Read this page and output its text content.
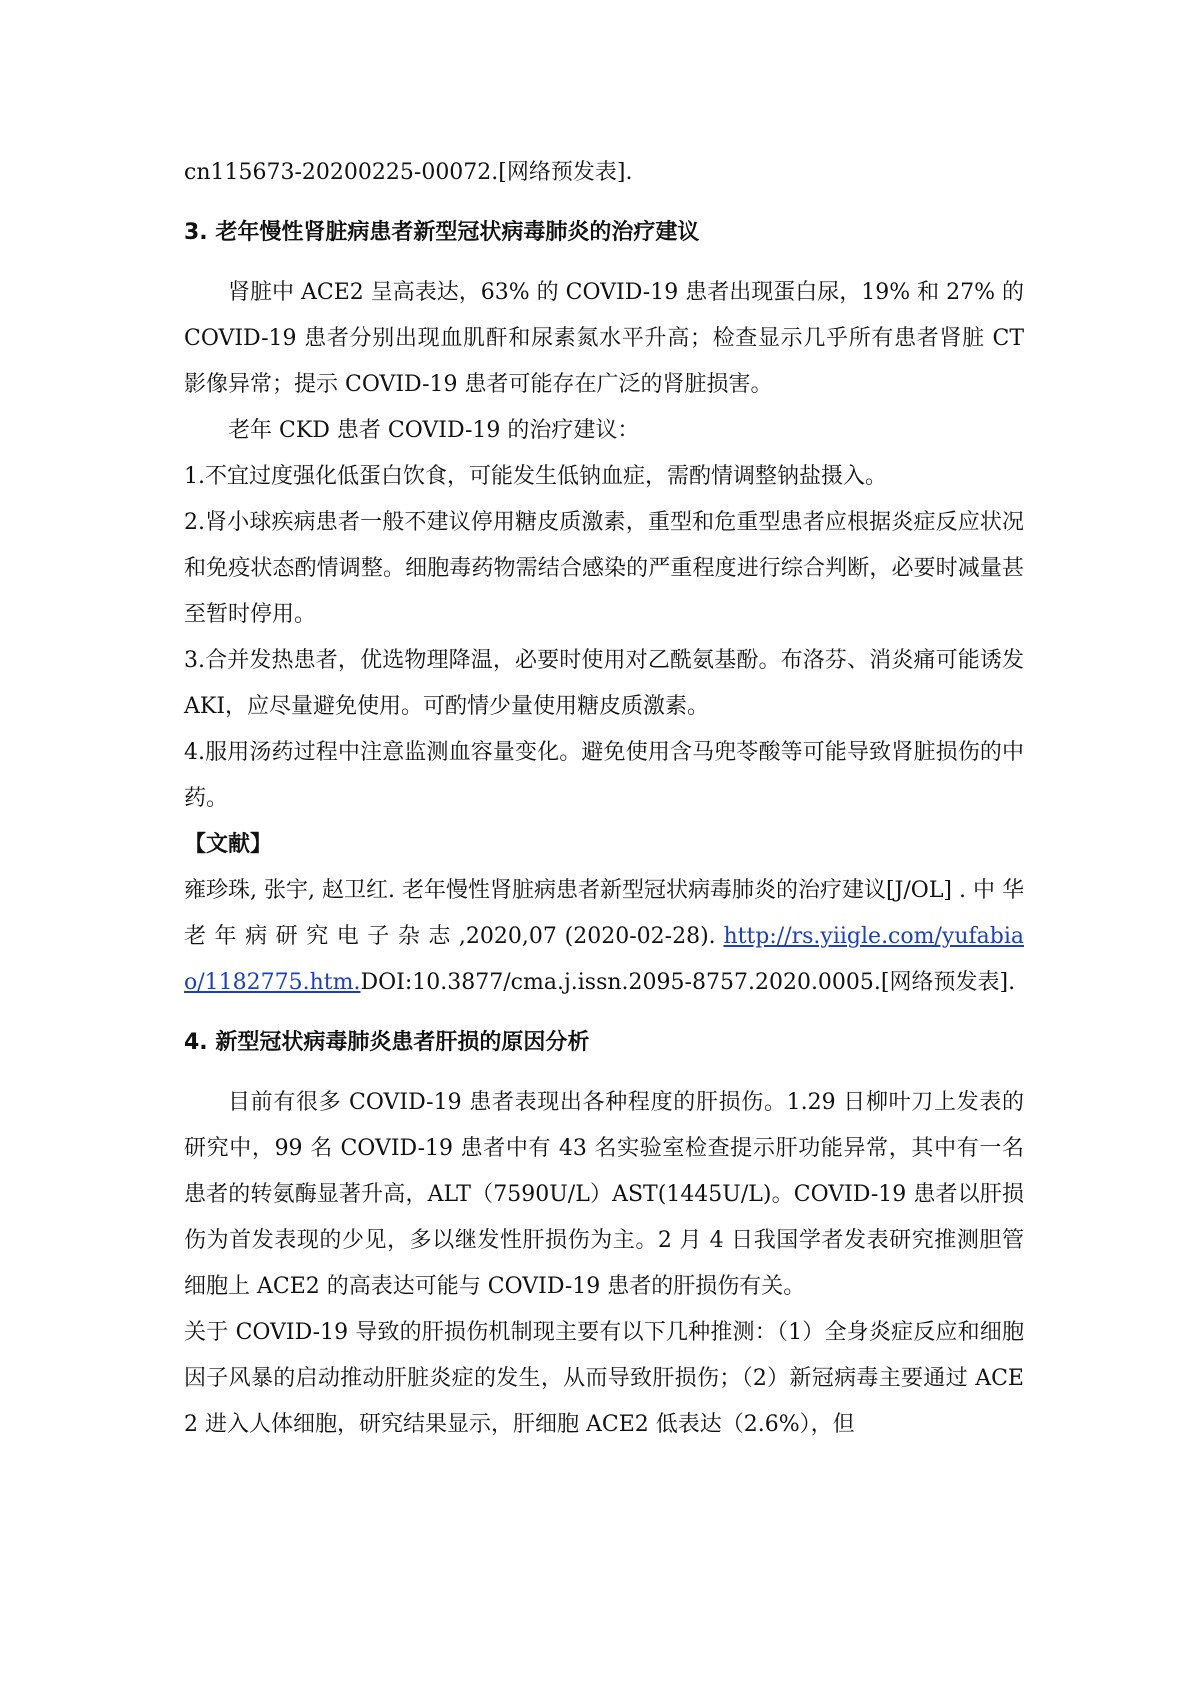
cn115673-20200225-00072.[网络预发表].

3. 老年慢性肾脏病患者新型冠状病毒肺炎的治疗建议

肾脏中 ACE2 呈高表达，63% 的 COVID-19 患者出现蛋白尿，19% 和 27% 的 COVID-19 患者分别出现血肌酐和尿素氮水平升高；检查显示几乎所有患者肾脏 CT 影像异常；提示 COVID-19 患者可能存在广泛的肾脏损害。

老年 CKD 患者 COVID-19 的治疗建议：

1.不宜过度强化低蛋白饮食，可能发生低钠血症，需酌情调整钠盐摄入。

2.肾小球疾病患者一般不建议停用糖皮质激素，重型和危重型患者应根据炎症反应状况和免疫状态酌情调整。细胞毒药物需结合感染的严重程度进行综合判断，必要时减量甚至暂时停用。

3.合并发热患者，优选物理降温，必要时使用对乙酰氨基酚。布洛芬、消炎痛可能诱发 AKI，应尽量避免使用。可酌情少量使用糖皮质激素。

4.服用汤药过程中注意监测血容量变化。避免使用含马兜苓酸等可能导致肾脏损伤的中药。

【文献】

雍珍珠, 张宇, 赵卫红. 老年慢性肾脏病患者新型冠状病毒肺炎的治疗建议[J/OL] . 中 华 老 年 病 研 究 电 子 杂 志 ,2020,07 (2020-02-28). http://rs.yiigle.com/yufabiao/1182775.htm.DOI:10.3877/cma.j.issn.2095-8757.2020.0005.[网络预发表].

4. 新型冠状病毒肺炎患者肝损的原因分析

目前有很多 COVID-19 患者表现出各种程度的肝损伤。1.29 日柳叶刀上发表的研究中，99 名 COVID-19 患者中有 43 名实验室检查提示肝功能异常，其中有一名患者的转氨酶显著升高，ALT（7590U/L）AST(1445U/L)。COVID-19 患者以肝损伤为首发表现的少见，多以继发性肝损伤为主。2 月 4 日我国学者发表研究推测胆管细胞上 ACE2 的高表达可能与 COVID-19 患者的肝损伤有关。

关于 COVID-19 导致的肝损伤机制现主要有以下几种推测：（1）全身炎症反应和细胞因子风暴的启动推动肝脏炎症的发生，从而导致肝损伤；（2）新冠病毒主要通过 ACE2 进入人体细胞，研究结果显示，肝细胞 ACE2 低表达（2.6%），但
